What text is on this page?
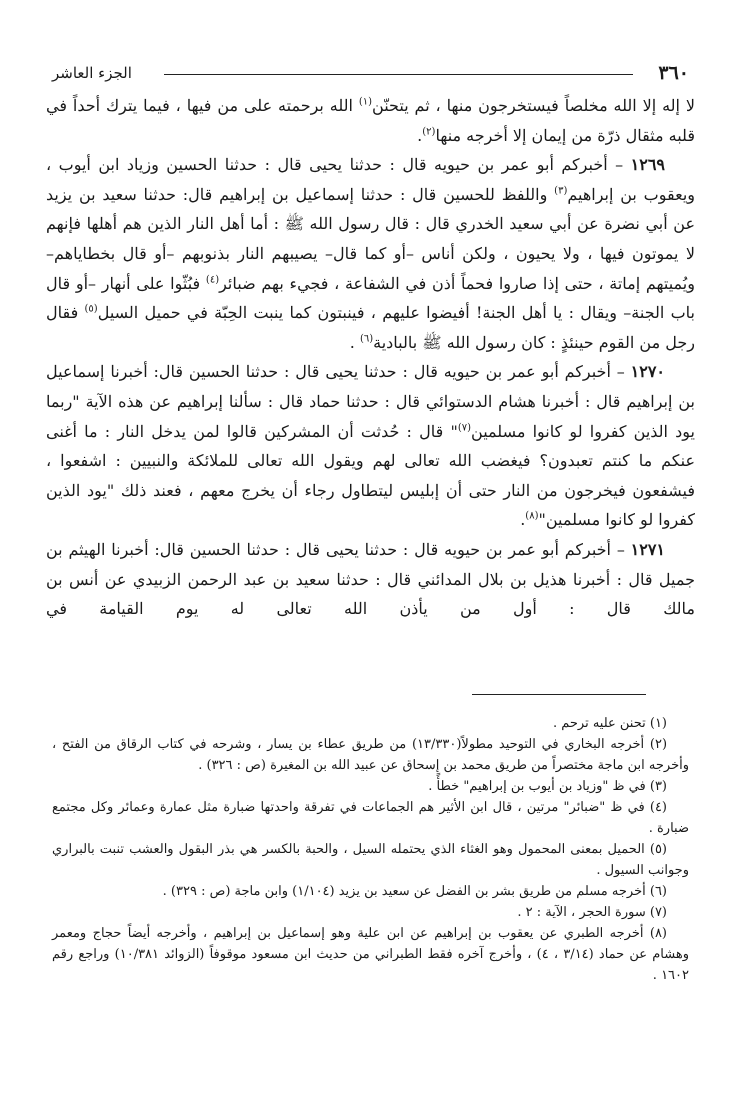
٣٦٠
الجزء العاشر

لا إله إلا الله مخلصاً فيستخرجون منها ، ثم يتحنّن$^{(١)}$ الله برحمته على من فيها ، فيما يترك أحداً في قلبه مثقال ذرّة من إيمان إلا أخرجه منها$^{(٢)}$.

١٢٦٩ – أخبركم أبو عمر بن حيويه قال : حدثنا يحيى قال : حدثنا الحسين وزياد ابن أيوب ، ويعقوب بن إبراهيم$^{(٣)}$ واللفظ للحسين قال : حدثنا إسماعيل بن إبراهيم قال: حدثنا سعيد بن يزيد عن أبي نضرة عن أبي سعيد الخدري قال : قال رسول الله ﷺ : أما أهل النار الذين هم أهلها فإنهم لا يموتون فيها ، ولا يحيون ، ولكن أناس –أو كما قال– يصيبهم النار بذنوبهم –أو قال بخطاياهم– ويُميتهم إماتة ، حتى إذا صاروا فحماً أذن في الشفاعة ، فجيء بهم ضبائر$^{(٤)}$ فبُثّوا على أنهار –أو قال باب الجنة– ويقال : يا أهل الجنة! أفيضوا عليهم ، فينبتون كما ينبت الحِبّة في حميل السيل$^{(٥)}$ فقال رجل من القوم حينئذٍ : كان رسول الله ﷺ بالبادية$^{(٦)}$ .

١٢٧٠ – أخبركم أبو عمر بن حيويه قال : حدثنا يحيى قال : حدثنا الحسين قال: أخبرنا إسماعيل بن إبراهيم قال : أخبرنا هشام الدستوائي قال : حدثنا حماد قال : سألنا إبراهيم عن هذه الآية "ربما يود الذين كفروا لو كانوا مسلمين$^{(٧)}$" قال : حُدثت أن المشركين قالوا لمن يدخل النار : ما أغنى عنكم ما كنتم تعبدون؟ فيغضب الله تعالى لهم ويقول الله تعالى للملائكة والنبيين : اشفعوا ، فيشفعون فيخرجون من النار حتى أن إبليس ليتطاول رجاء أن يخرج معهم ، فعند ذلك "يود الذين كفروا لو كانوا مسلمين"$^{(٨)}$.

١٢٧١ – أخبركم أبو عمر بن حيويه قال : حدثنا يحيى قال : حدثنا الحسين قال: أخبرنا الهيثم بن جميل قال : أخبرنا هذيل بن بلال المدائني قال : حدثنا سعيد بن عبد الرحمن الزبيدي عن أنس بن مالك قال : أول من يأذن الله تعالى له يوم القيامة في

(١) تحنن عليه ترحم .

(٢) أخرجه البخاري في التوحيد مطولاً(١٣/٣٣٠) من طريق عطاء بن يسار ، وشرحه في كتاب الرقاق من الفتح ، وأخرجه ابن ماجة مختصراً من طريق محمد بن إسحاق عن عبيد الله بن المغيرة (ص : ٣٢٦) .

(٣) في ظ "وزياد بن أيوب بن إبراهيم" خطأً .

(٤) في ظ "ضبائر" مرتين ، قال ابن الأثير هم الجماعات في تفرقة واحدتها ضبارة مثل عمارة وعمائر وكل مجتمع ضبارة .

(٥) الحميل بمعنى المحمول وهو الغثاء الذي يحتمله السيل ، والحبة بالكسر هي بذر البقول والعشب تنبت بالبراري وجوانب السيول .

(٦) أخرجه مسلم من طريق بشر بن الفضل عن سعيد بن يزيد (١/١٠٤) وابن ماجة (ص : ٣٢٩) .

(٧) سورة الحجر ، الآية : ٢ .

(٨) أخرجه الطبري عن يعقوب بن إبراهيم عن ابن علية وهو إسماعيل بن إبراهيم ، وأخرجه أيضاً حجاج ومعمر وهشام عن حماد (٣/١٤ ، ٤) ، وأخرج آخره فقط الطبراني من حديث ابن مسعود موقوفاً (الزوائد ١٠/٣٨١) وراجع رقم ١٦٠٢ .
